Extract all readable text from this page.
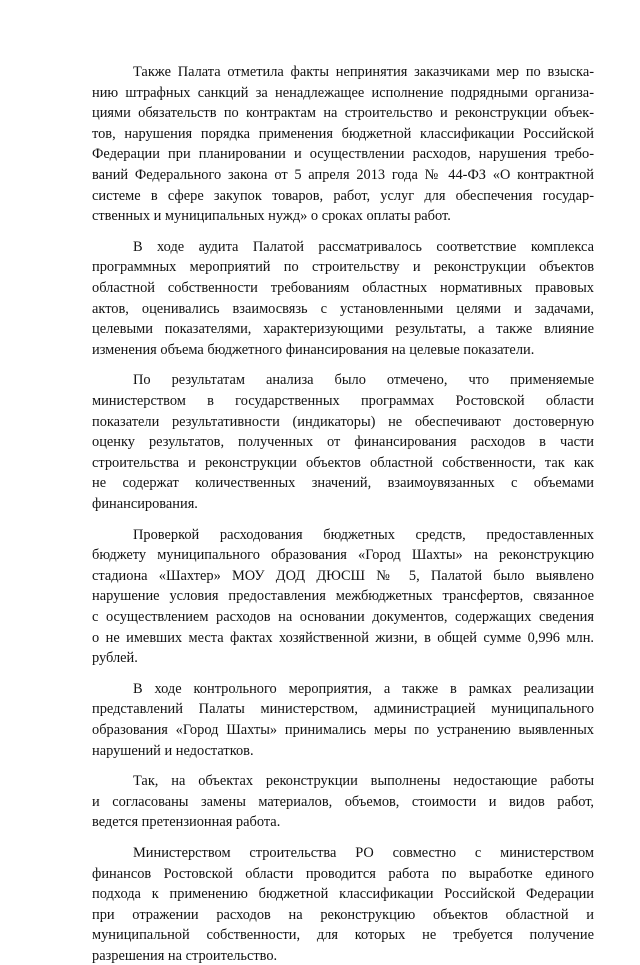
Также Палата отметила факты непринятия заказчиками мер по взыска-

нию штрафных санкций за ненадлежащее исполнение подрядными организа-

циями обязательств по контрактам на строительство и реконструкции объек-

тов, нарушения порядка применения бюджетной классификации Российской

Федерации при планировании и осуществлении расходов, нарушения требо-

ваний Федерального закона от 5 апреля 2013 года № 44-ФЗ «О контрактной

системе в сфере закупок товаров, работ, услуг для обеспечения государ-

ственных и муниципальных нужд» о сроках оплаты работ.

В ходе аудита Палатой рассматривалось соответствие комплекса

программных мероприятий по строительству и реконструкции объектов

областной собственности требованиям областных нормативных правовых

актов, оценивались взаимосвязь с установленными целями и задачами,

целевыми показателями, характеризующими результаты, а также влияние

изменения объема бюджетного финансирования на целевые показатели.

По результатам анализа было отмечено, что применяемые

министерством в государственных программах Ростовской области

показатели результативности (индикаторы) не обеспечивают достоверную

оценку результатов, полученных от финансирования расходов в части

строительства и реконструкции объектов областной собственности, так как

не содержат количественных значений, взаимоувязанных с объемами

финансирования.

Проверкой расходования бюджетных средств, предоставленных

бюджету муниципального образования «Город Шахты» на реконструкцию

стадиона «Шахтер» МОУ ДОД ДЮСШ № 5, Палатой было выявлено

нарушение условия предоставления межбюджетных трансфертов, связанное

с осуществлением расходов на основании документов, содержащих сведения

о не имевших места фактах хозяйственной жизни, в общей сумме 0,996 млн.

рублей.

В ходе контрольного мероприятия, а также в рамках реализации

представлений Палаты министерством, администрацией муниципального

образования «Город Шахты» принимались меры по устранению выявленных

нарушений и недостатков.

Так, на объектах реконструкции выполнены недостающие работы

и согласованы замены материалов, объемов, стоимости и видов работ,

ведется претензионная работа.

Министерством строительства РО совместно с министерством

финансов Ростовской области проводится работа по выработке единого

подхода к применению бюджетной классификации Российской Федерации

при отражении расходов на реконструкцию объектов областной и

муниципальной собственности, для которых не требуется получение

разрешения на строительство.
